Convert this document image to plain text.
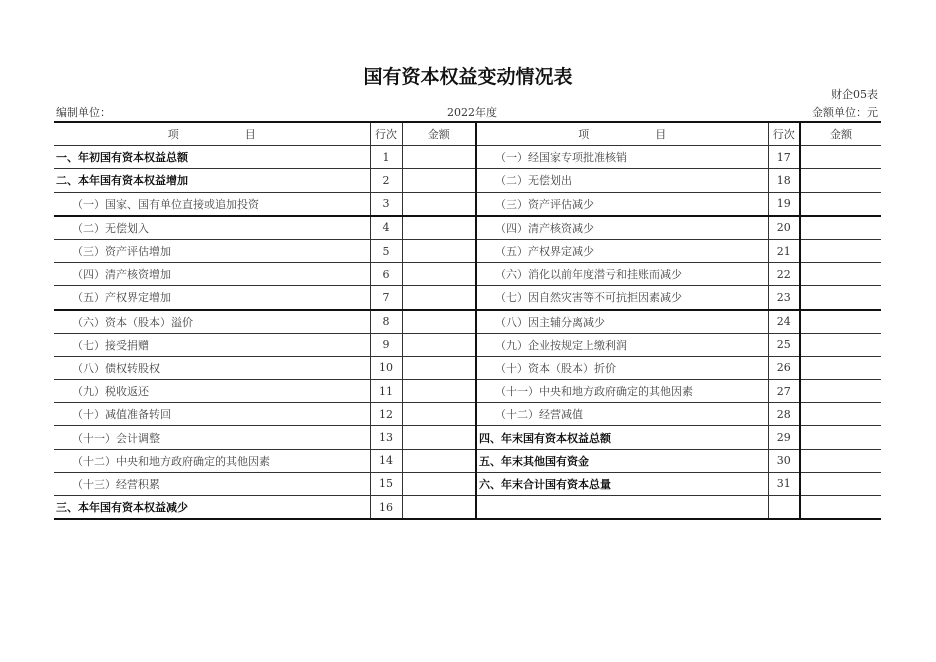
国有资本权益变动情况表
财企05表
编制单位：	2022年度	金额单位：元
项　　　　　　目	行次	金额	项　　　　　　目	行次	金额
一、年初国有资本权益总额	1		（一）经国家专项批准核销	17	
二、本年国有资本权益增加	2		（二）无偿划出	18	
（一）国家、国有单位直接或追加投资	3		（三）资产评估减少	19	
（二）无偿划入	4		（四）清产核资减少	20	
（三）资产评估增加	5		（五）产权界定减少	21	
（四）清产核资增加	6		（六）消化以前年度潜亏和挂账而减少	22	
（五）产权界定增加	7		（七）因自然灾害等不可抗拒因素减少	23	
（六）资本（股本）溢价	8		（八）因主辅分离减少	24	
（七）接受捐赠	9		（九）企业按规定上缴利润	25	
（八）债权转股权	10		（十）资本（股本）折价	26	
（九）税收返还	11		（十一）中央和地方政府确定的其他因素	27	
（十）减值准备转回	12		（十二）经营减值	28	
（十一）会计调整	13		四、年末国有资本权益总额	29	
（十二）中央和地方政府确定的其他因素	14		五、年末其他国有资金	30	
（十三）经营积累	15		六、年末合计国有资本总量	31	
三、本年国有资本权益减少	16				
